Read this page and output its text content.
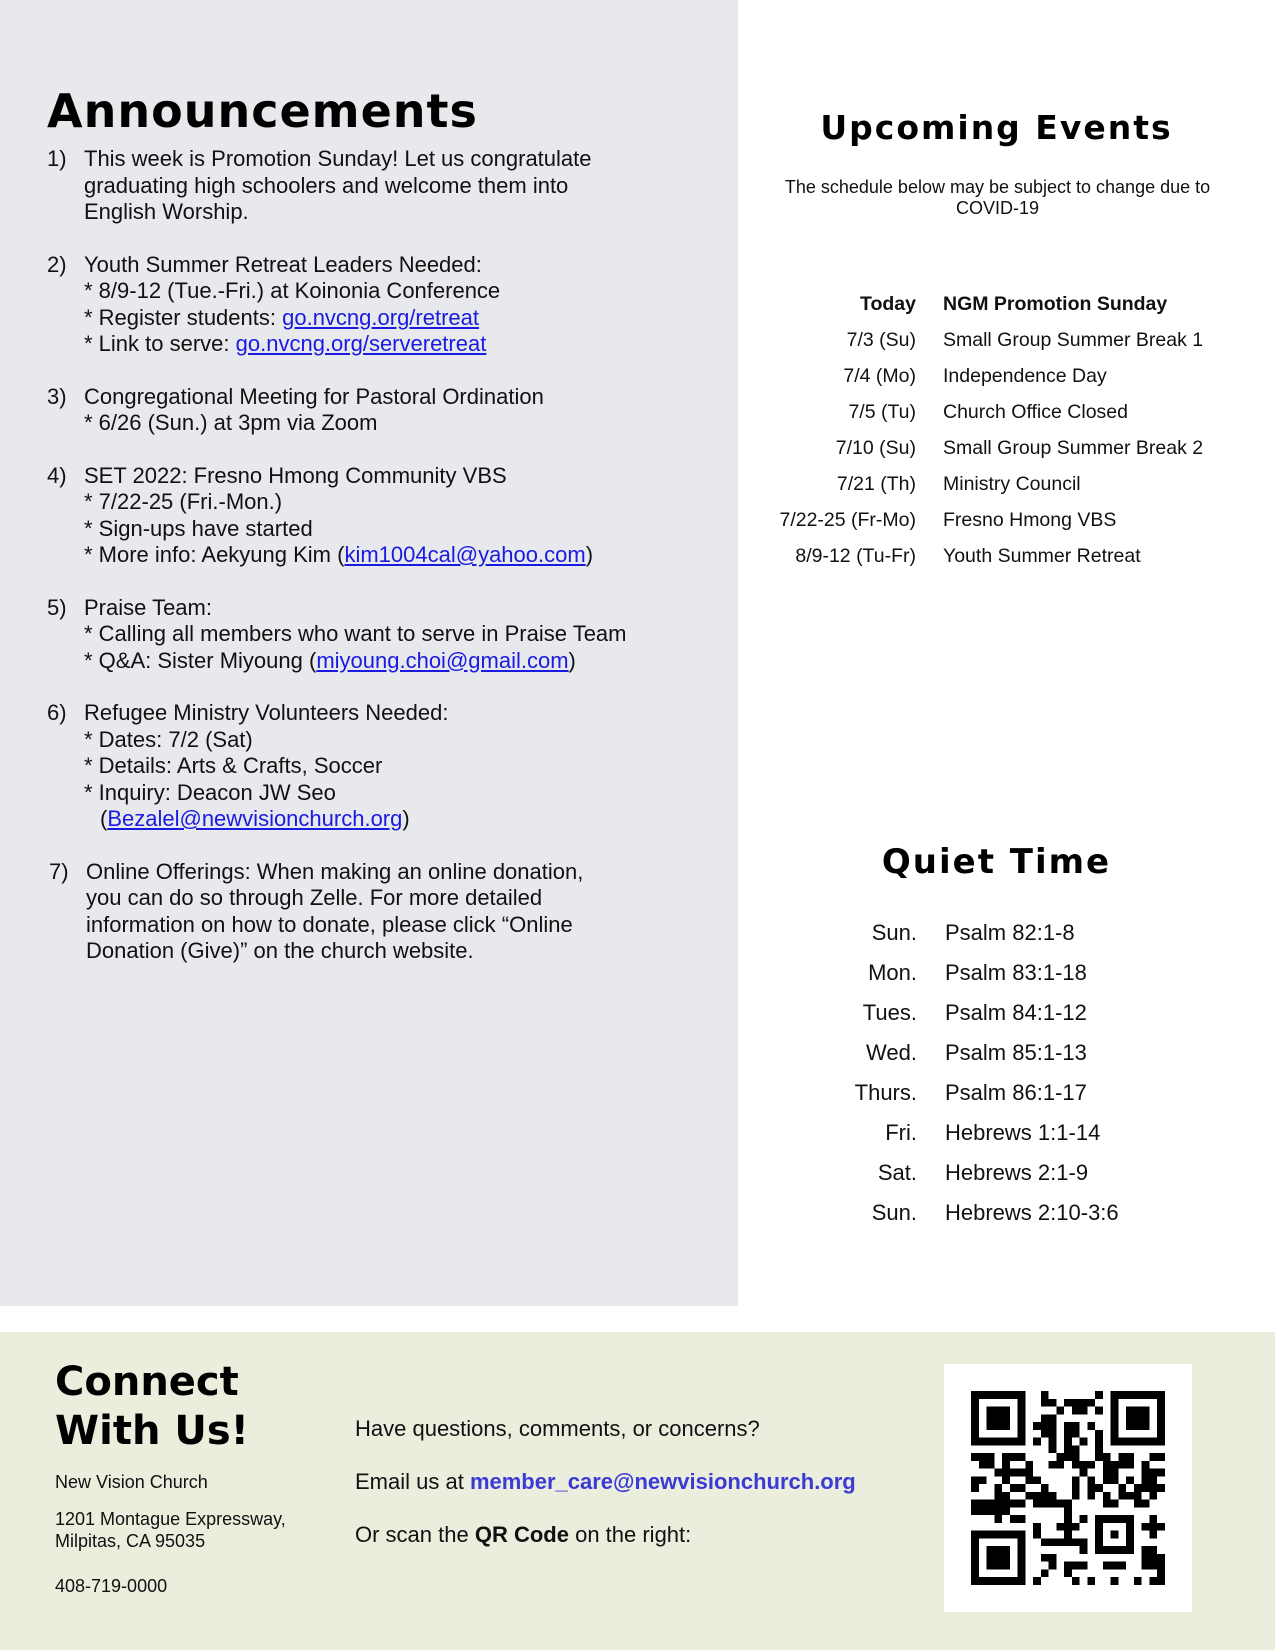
Announcements
1) This week is Promotion Sunday! Let us congratulate
graduating high schoolers and welcome them into
English Worship.
2) Youth Summer Retreat Leaders Needed:
* 8/9-12 (Tue.-Fri.) at Koinonia Conference
* Register students: go.nvcng.org/retreat
* Link to serve: go.nvcng.org/serveretreat
3) Congregational Meeting for Pastoral Ordination
* 6/26 (Sun.) at 3pm via Zoom
4) SET 2022: Fresno Hmong Community VBS
* 7/22-25 (Fri.-Mon.)
* Sign-ups have started
* More info: Aekyung Kim (kim1004cal@yahoo.com)
5) Praise Team:
* Calling all members who want to serve in Praise Team
* Q&A: Sister Miyoung (miyoung.choi@gmail.com)
6) Refugee Ministry Volunteers Needed:
* Dates: 7/2 (Sat)
* Details: Arts & Crafts, Soccer
* Inquiry: Deacon JW Seo
(Bezalel@newvisionchurch.org)
7) Online Offerings: When making an online donation,
you can do so through Zelle. For more detailed
information on how to donate, please click “Online
Donation (Give)” on the church website.
Upcoming Events

The schedule below may be subject to change due to COVID-19

Today	NGM Promotion Sunday
7/3 (Su)	Small Group Summer Break 1
7/4 (Mo)	Independence Day
7/5 (Tu)	Church Office Closed
7/10 (Su)	Small Group Summer Break 2
7/21 (Th)	Ministry Council
7/22-25 (Fr-Mo)	Fresno Hmong VBS
8/9-12 (Tu-Fr)	Youth Summer Retreat
Quiet Time
Sun.	Psalm 82:1-8
Mon.	Psalm 83:1-18
Tues.	Psalm 84:1-12
Wed.	Psalm 85:1-13
Thurs.	Psalm 86:1-17
Fri.	Hebrews 1:1-14
Sat.	Hebrews 2:1-9
Sun.	Hebrews 2:10-3:6
Connect
With Us!
New Vision Church
1201 Montague Expressway,
Milpitas, CA 95035
408-719-0000
Have questions, comments, or concerns?
Email us at member_care@newvisionchurch.org
Or scan the QR Code on the right:
